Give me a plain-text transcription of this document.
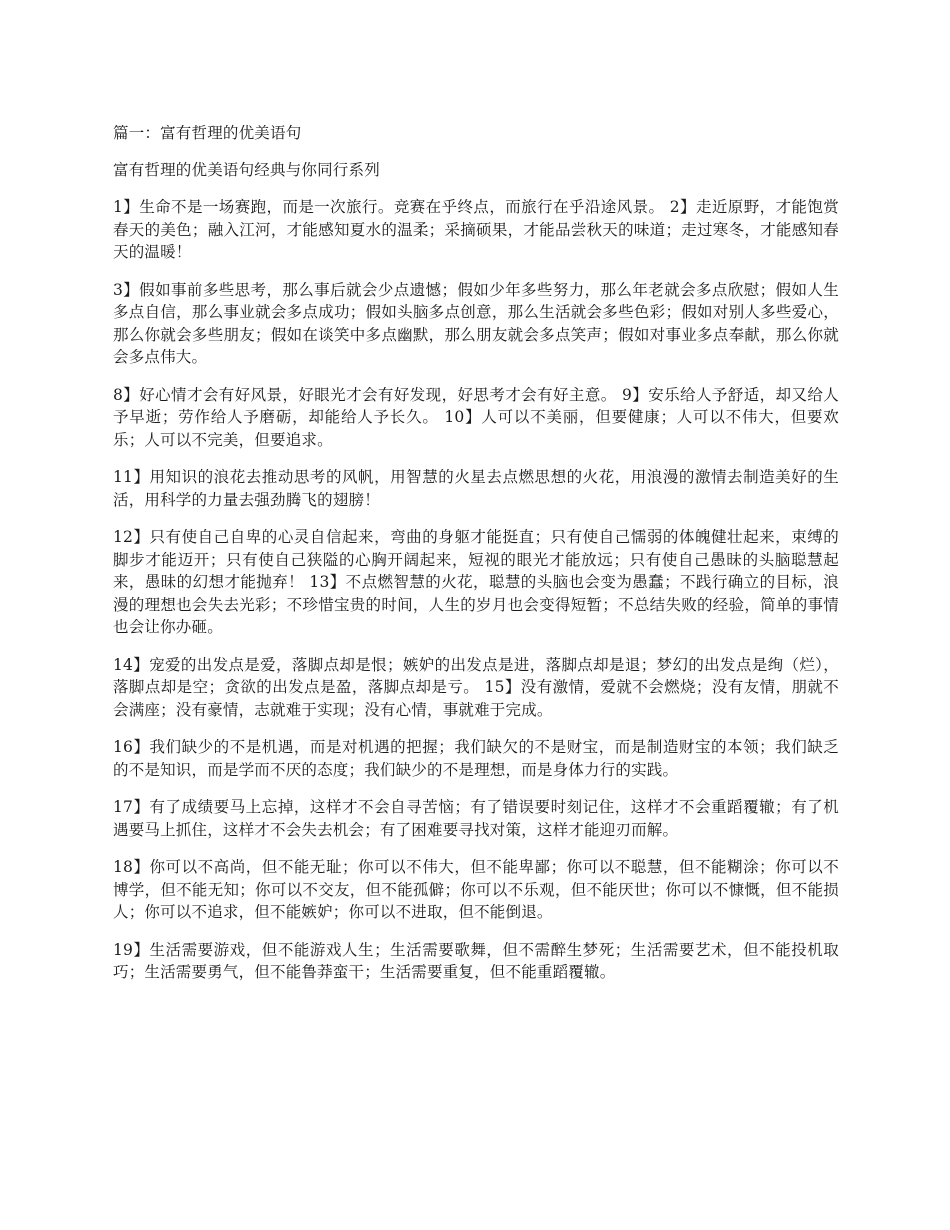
篇一：富有哲理的优美语句
富有哲理的优美语句经典与你同行系列

1】生命不是一场赛跑，而是一次旅行。竞赛在乎终点，而旅行在乎沿途风景。 2】走近原野，才能饱赏春天的美色；融入江河，才能感知夏水的温柔；采摘硕果，才能品尝秋天的味道；走过寒冬，才能感知春天的温暖！

3】假如事前多些思考，那么事后就会少点遗憾；假如少年多些努力，那么年老就会多点欣慰；假如人生多点自信，那么事业就会多点成功；假如头脑多点创意，那么生活就会多些色彩；假如对别人多些爱心，那么你就会多些朋友；假如在谈笑中多点幽默，那么朋友就会多点笑声；假如对事业多点奉献，那么你就会多点伟大。

8】好心情才会有好风景，好眼光才会有好发现，好思考才会有好主意。 9】安乐给人予舒适，却又给人予早逝；劳作给人予磨砺，却能给人予长久。 10】人可以不美丽，但要健康；人可以不伟大，但要欢乐；人可以不完美，但要追求。

11】用知识的浪花去推动思考的风帆，用智慧的火星去点燃思想的火花，用浪漫的激情去制造美好的生活，用科学的力量去强劲腾飞的翅膀！

12】只有使自己自卑的心灵自信起来，弯曲的身躯才能挺直；只有使自己懦弱的体魄健壮起来，束缚的脚步才能迈开；只有使自己狭隘的心胸开阔起来，短视的眼光才能放远；只有使自己愚昧的头脑聪慧起来，愚昧的幻想才能抛弃！ 13】不点燃智慧的火花，聪慧的头脑也会变为愚蠢；不践行确立的目标，浪漫的理想也会失去光彩；不珍惜宝贵的时间，人生的岁月也会变得短暂；不总结失败的经验，简单的事情也会让你办砸。

14】宠爱的出发点是爱，落脚点却是恨；嫉妒的出发点是进，落脚点却是退；梦幻的出发点是绚（烂），落脚点却是空；贪欲的出发点是盈，落脚点却是亏。 15】没有激情，爱就不会燃烧；没有友情，朋就不会满座；没有豪情，志就难于实现；没有心情，事就难于完成。

16】我们缺少的不是机遇，而是对机遇的把握；我们缺欠的不是财宝，而是制造财宝的本领；我们缺乏的不是知识，而是学而不厌的态度；我们缺少的不是理想，而是身体力行的实践。

17】有了成绩要马上忘掉，这样才不会自寻苦恼；有了错误要时刻记住，这样才不会重蹈覆辙；有了机遇要马上抓住，这样才不会失去机会；有了困难要寻找对策，这样才能迎刃而解。

18】你可以不高尚，但不能无耻；你可以不伟大，但不能卑鄙；你可以不聪慧，但不能糊涂；你可以不博学，但不能无知；你可以不交友，但不能孤僻；你可以不乐观，但不能厌世；你可以不慷慨，但不能损人；你可以不追求，但不能嫉妒；你可以不进取，但不能倒退。

19】生活需要游戏，但不能游戏人生；生活需要歌舞，但不需醉生梦死；生活需要艺术，但不能投机取巧；生活需要勇气，但不能鲁莽蛮干；生活需要重复，但不能重蹈覆辙。
